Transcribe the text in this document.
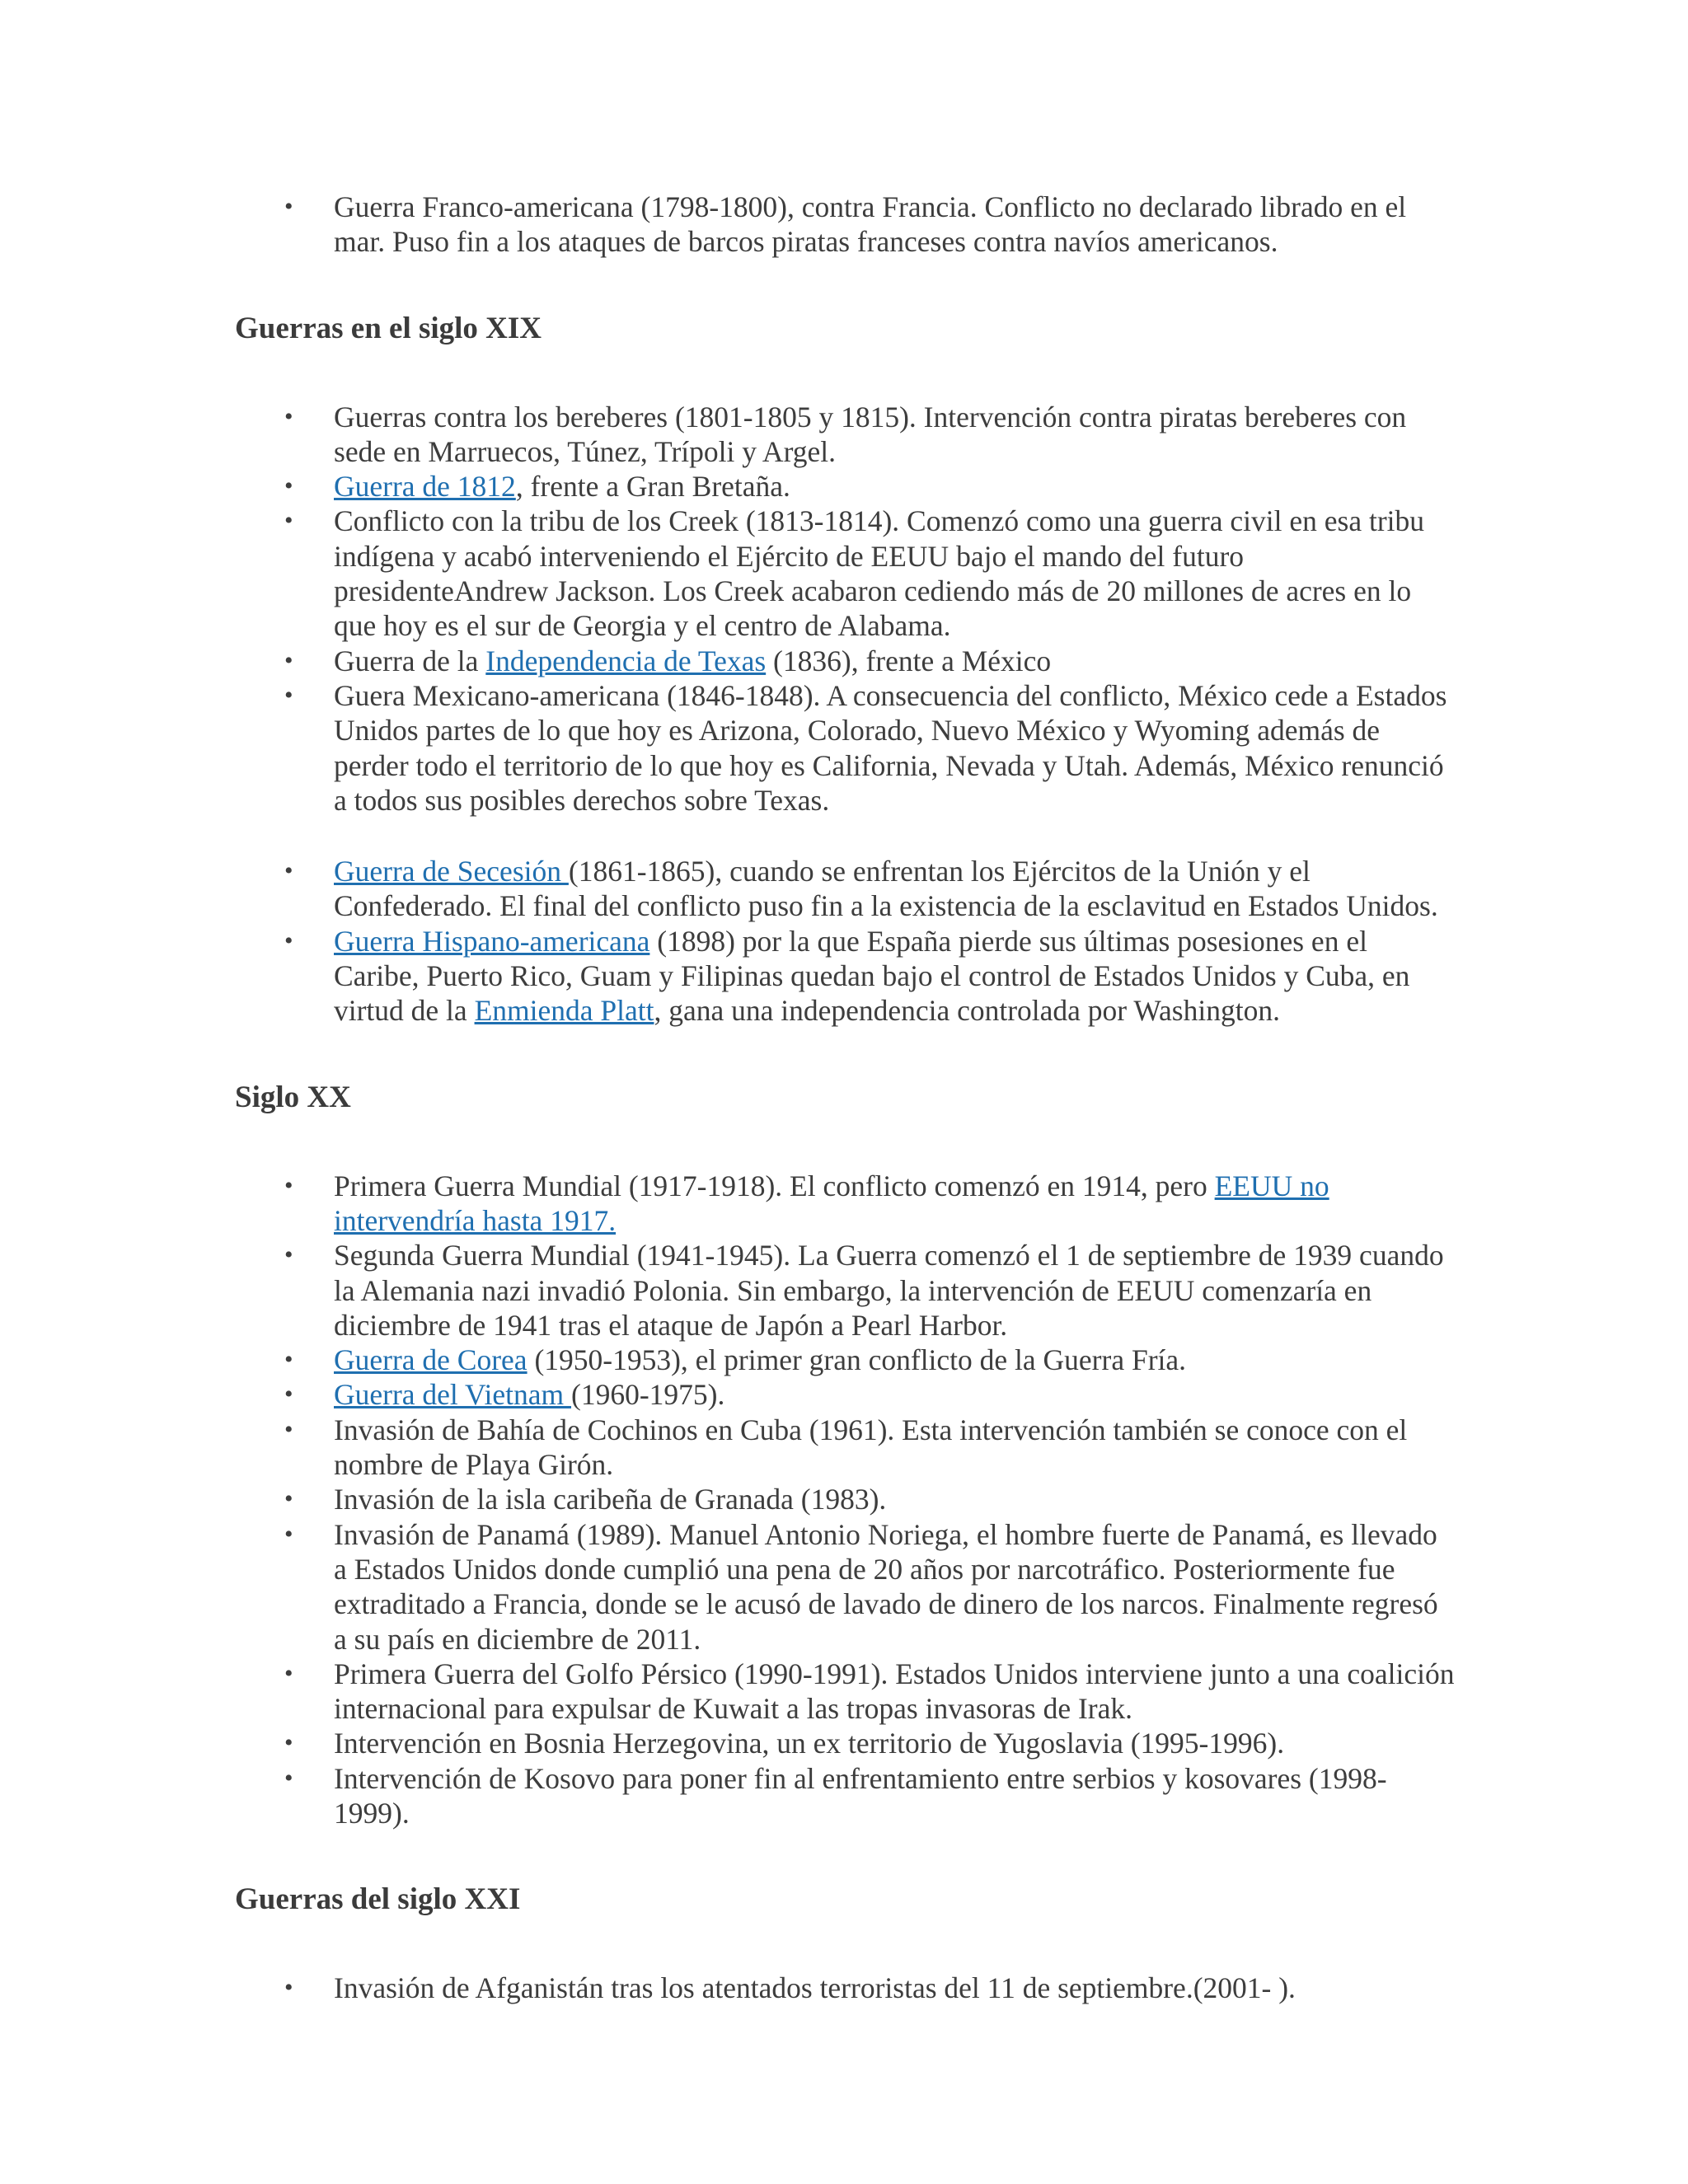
• Guerra Franco-americana (1798-1800), contra Francia. Conflicto no declarado librado en el mar. Puso fin a los ataques de barcos piratas franceses contra navíos americanos.
Guerras en el siglo XIX
• Guerras contra los bereberes (1801-1805 y 1815). Intervención contra piratas bereberes con sede en Marruecos, Túnez, Trípoli y Argel.
• Guerra de 1812, frente a Gran Bretaña.
• Conflicto con la tribu de los Creek (1813-1814). Comenzó como una guerra civil en esa tribu indígena y acabó interveniendo el Ejército de EEUU bajo el mando del futuro presidenteAndrew Jackson. Los Creek acabaron cediendo más de 20 millones de acres en lo que hoy es el sur de Georgia y el centro de Alabama.
• Guerra de la Independencia de Texas (1836), frente a México
• Guera Mexicano-americana (1846-1848). A consecuencia del conflicto, México cede a Estados Unidos partes de lo que hoy es Arizona, Colorado, Nuevo México y Wyoming además de perder todo el territorio de lo que hoy es California, Nevada y Utah. Además, México renunció a todos sus posibles derechos sobre Texas.
• Guerra de Secesión (1861-1865), cuando se enfrentan los Ejércitos de la Unión y el Confederado. El final del conflicto puso fin a la existencia de la esclavitud en Estados Unidos.
• Guerra Hispano-americana (1898) por la que España pierde sus últimas posesiones en el Caribe, Puerto Rico, Guam y Filipinas quedan bajo el control de Estados Unidos y Cuba, en virtud de la Enmienda Platt, gana una independencia controlada por Washington.
Siglo XX
• Primera Guerra Mundial (1917-1918). El conflicto comenzó en 1914, pero EEUU no intervendría hasta 1917.
• Segunda Guerra Mundial (1941-1945). La Guerra comenzó el 1 de septiembre de 1939 cuando la Alemania nazi invadió Polonia. Sin embargo, la intervención de EEUU comenzaría en diciembre de 1941 tras el ataque de Japón a Pearl Harbor.
• Guerra de Corea (1950-1953), el primer gran conflicto de la Guerra Fría.
• Guerra del Vietnam (1960-1975).
• Invasión de Bahía de Cochinos en Cuba (1961). Esta intervención también se conoce con el nombre de Playa Girón.
• Invasión de la isla caribeña de Granada (1983).
• Invasión de Panamá (1989). Manuel Antonio Noriega, el hombre fuerte de Panamá, es llevado a Estados Unidos donde cumplió una pena de 20 años por narcotráfico. Posteriormente fue extraditado a Francia, donde se le acusó de lavado de dinero de los narcos. Finalmente regresó a su país en diciembre de 2011.
• Primera Guerra del Golfo Pérsico (1990-1991). Estados Unidos interviene junto a una coalición internacional para expulsar de Kuwait a las tropas invasoras de Irak.
• Intervención en Bosnia Herzegovina, un ex territorio de Yugoslavia (1995-1996).
• Intervención de Kosovo para poner fin al enfrentamiento entre serbios y kosovares (1998-1999).
Guerras del siglo XXI
• Invasión de Afganistán tras los atentados terroristas del 11 de septiembre.(2001- ).
